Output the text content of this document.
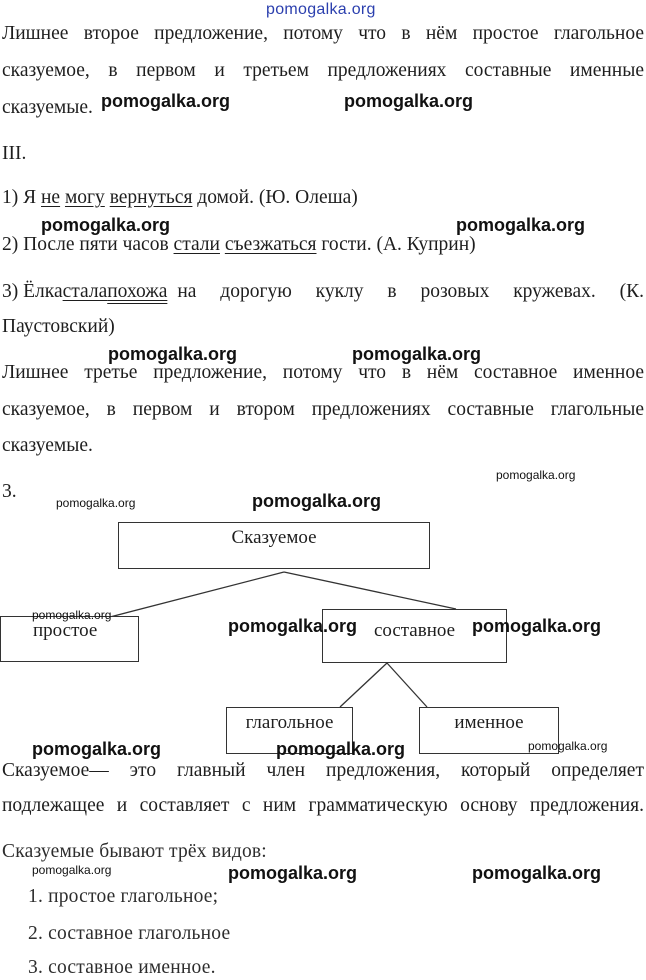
pomogalka.org
Лишнее второе предложение, потому что в нём простое глагольное
сказуемое, в первом и третьем предложениях составные именные
сказуемые. pomogalka.org	pomogalka.org
III.
1) Я не могу вернуться домой. (Ю. Олеша)
pomogalka.org	pomogalka.org
2) После пяти часов стали съезжаться гости. (А. Куприн)
3) Ёлка стала похожа на дорогую куклу в розовых кружевах. (К.
Паустовский)
pomogalka.org	pomogalka.org
Лишнее третье предложение, потому что в нём составное именное
сказуемое, в первом и втором предложениях составные глагольные
сказуемые.
pomogalka.org
3.
pomogalka.org	pomogalka.org
Сказуемое
простое	составное
глагольное	именное
pomogalka.org
pomogalka.org	pomogalka.org
pomogalka.org	pomogalka.org	pomogalka.org
Сказуемое— это главный член предложения, который определяет
подлежащее и составляет с ним грамматическую основу предложения.
Сказуемые бывают трёх видов:
pomogalka.org	pomogalka.org	pomogalka.org
1. простое глагольное;
2. составное глагольное
3. составное именное.
